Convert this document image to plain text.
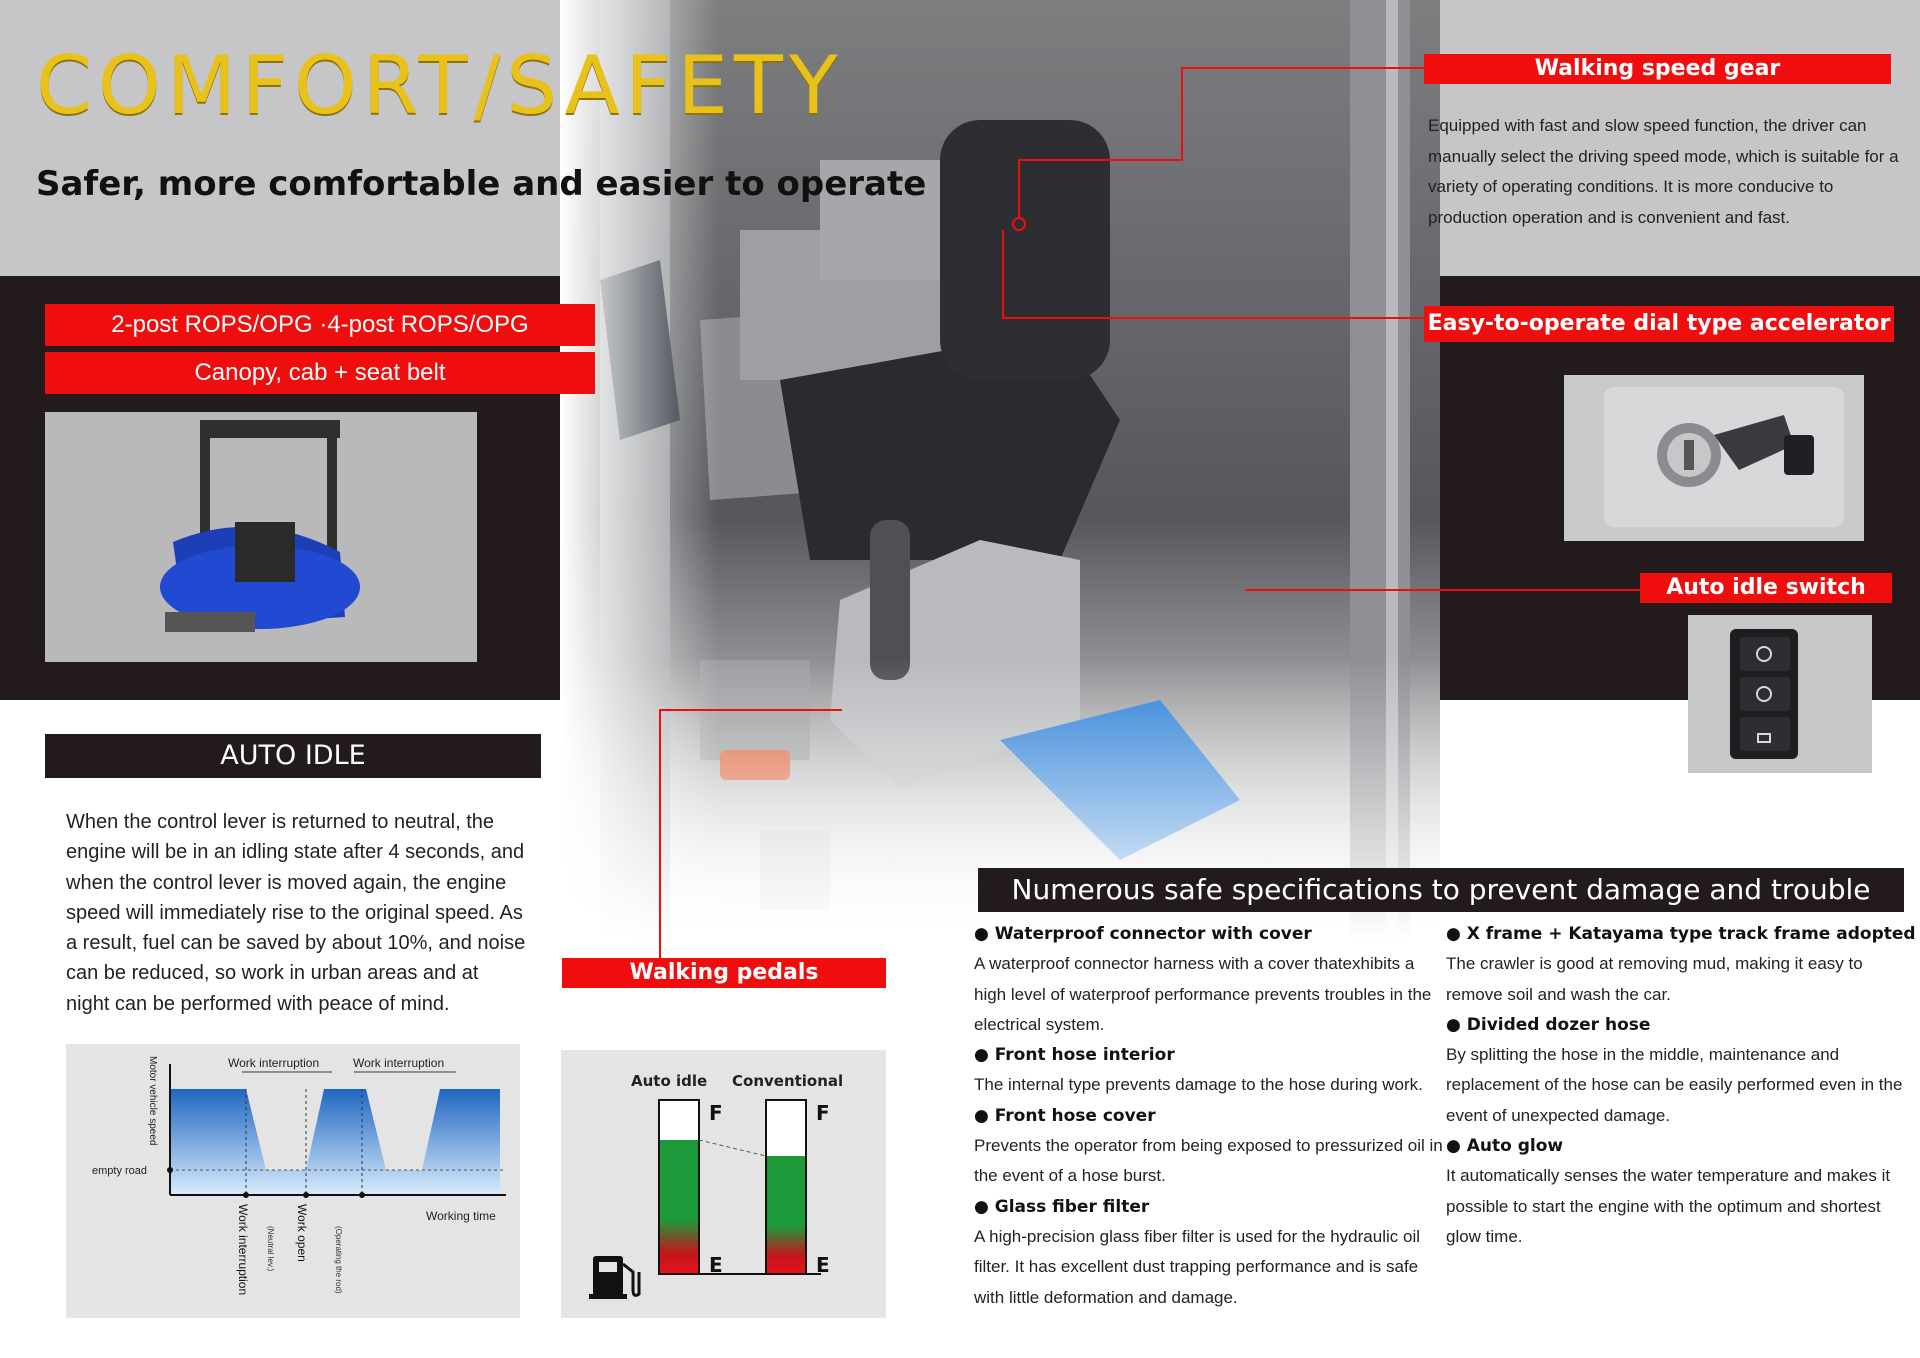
COMFORT/SAFETY
Safer, more comfortable and easier to operate
2-post ROPS/OPG ·4-post ROPS/OPG
Canopy, cab + seat belt
AUTO IDLE
When the control lever is returned to neutral, the engine will be in an idling state after 4 seconds, and when the control lever is moved again, the engine speed will immediately rise to the original speed. As a result, fuel can be saved by about 10%, and noise can be reduced, so work in urban areas and at night can be performed with peace of mind.
Motor vehicle speed
empty road
Work interruption	Work interruption
Working time
Work interruption (Neutral lev.) Work open	(Operating the rod)
Auto idle Conventional
F
E
F
E
Walking speed gear
Equipped with fast and slow speed function, the driver can manually select the driving speed mode, which is suitable for a variety of operating conditions. It is more conducive to production operation and is convenient and fast.
Easy-to-operate dial type accelerator
Auto idle switch
Walking pedals
Numerous safe specifications to prevent damage and trouble
● Waterproof connector with cover
A waterproof connector harness with a cover thatexhibits a high level of waterproof performance prevents troubles in the electrical system.
● Front hose interior
The internal type prevents damage to the hose during work.
● Front hose cover
Prevents the operator from being exposed to pressurized oil in the event of a hose burst.
● Glass fiber filter
A high-precision glass fiber filter is used for the hydraulic oil filter. It has excellent dust trapping performance and is safe with little deformation and damage.
● X frame + Katayama type track frame adopted
The crawler is good at removing mud, making it easy to remove soil and wash the car.
● Divided dozer hose
By splitting the hose in the middle, maintenance and replacement of the hose can be easily performed even in the event of unexpected damage.
● Auto glow
It automatically senses the water temperature and makes it possible to start the engine with the optimum and shortest glow time.
